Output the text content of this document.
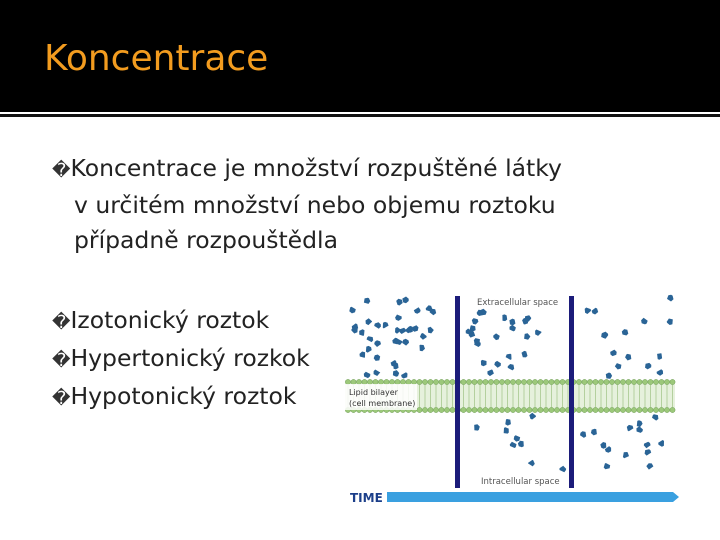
Koncentrace
�Koncentrace je množství rozpuštěné látky
v určitém množství nebo objemu roztoku
případně rozpouštědla
�Izotonický roztok
�Hypertonický rozkok
�Hypotonický roztok	Lipid bilayer
(cell membrane)
Extracellular space
Intracellular space
TIME
